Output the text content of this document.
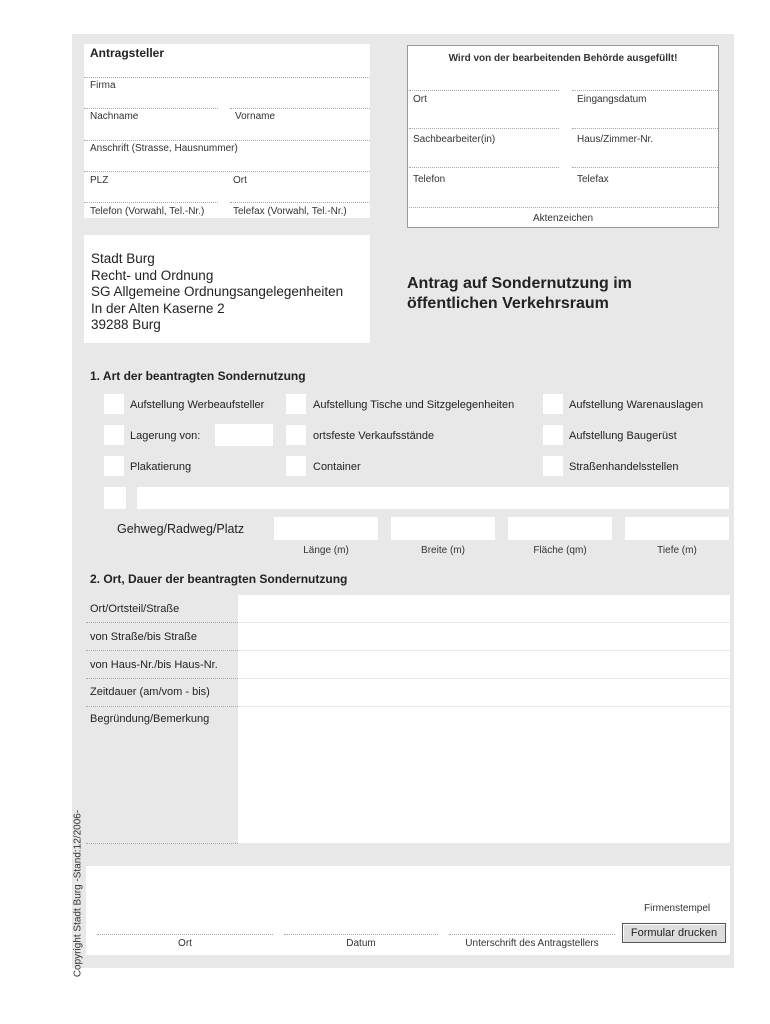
Antragsteller
Firma
Nachname	Vorname
Anschrift (Strasse, Hausnummer)
PLZ	Ort
Telefon (Vorwahl, Tel.-Nr.)	Telefax (Vorwahl, Tel.-Nr.)
Wird von der bearbeitenden Behörde ausgefüllt!
Ort	Eingangsdatum
Sachbearbeiter(in)	Haus/Zimmer-Nr.
Telefon	Telefax
Aktenzeichen
Stadt Burg
Recht- und Ordnung
SG Allgemeine Ordnungsangelegenheiten
In der Alten Kaserne 2
39288 Burg
Antrag auf Sondernutzung im
öffentlichen Verkehrsraum
1. Art der beantragten Sondernutzung
Aufstellung Werbeaufsteller	Aufstellung Tische und Sitzgelegenheiten	Aufstellung Warenauslagen
Lagerung von:	ortsfeste Verkaufsstände	Aufstellung Baugerüst
Plakatierung	Container	Straßenhandelsstellen
Gehweg/Radweg/Platz
Länge (m)	Breite (m)	Fläche (qm)	Tiefe (m)
2. Ort, Dauer der beantragten Sondernutzung
Ort/Ortsteil/Straße
von Straße/bis Straße
von Haus-Nr./bis Haus-Nr.
Zeitdauer (am/vom - bis)
Begründung/Bemerkung
Firmenstempel
Ort	Datum	Unterschrift des Antragstellers
Formular drucken
Copyright Stadt Burg -Stand:12/2006-
